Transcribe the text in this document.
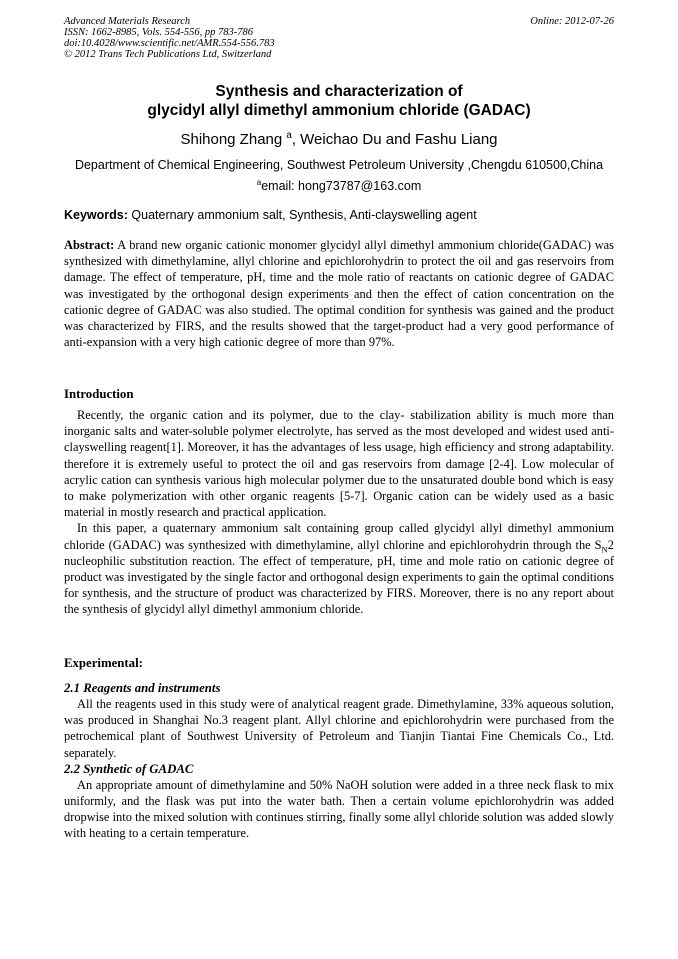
Advanced Materials Research
ISSN: 1662-8985, Vols. 554-556, pp 783-786
doi:10.4028/www.scientific.net/AMR.554-556.783
© 2012 Trans Tech Publications Ltd, Switzerland
Online: 2012-07-26
Synthesis and characterization of
glycidyl allyl dimethyl ammonium chloride (GADAC)
Shihong Zhang $^a$, Weichao Du and Fashu Liang
Department of Chemical Engineering, Southwest Petroleum University ,Chengdu 610500,China
$^a$email: hong73787@163.com
Keywords: Quaternary ammonium salt, Synthesis, Anti-clayswelling agent
Abstract: A brand new organic cationic monomer glycidyl allyl dimethyl ammonium chloride(GADAC) was synthesized with dimethylamine, allyl chlorine and epichlorohydrin to protect the oil and gas reservoirs from damage. The effect of temperature, pH, time and the mole ratio of reactants on cationic degree of GADAC was investigated by the orthogonal design experiments and then the effect of cation concentration on the cationic degree of GADAC was also studied. The optimal condition for synthesis was gained and the product was characterized by FIRS, and the results showed that the target-product had a very good performance of anti-expansion with a very high cationic degree of more than 97%.
Introduction

Recently, the organic cation and its polymer, due to the clay- stabilization ability is much more than inorganic salts and water-soluble polymer electrolyte, has served as the most developed and widest used anti-clayswelling reagent[1]. Moreover, it has the advantages of less usage, high efficiency and strong adaptability. therefore it is extremely useful to protect the oil and gas reservoirs from damage [2-4]. Low molecular of acrylic cation can synthesis various high molecular polymer due to the unsaturated double bond which is easy to make polymerization with other organic reagents [5-7]. Organic cation can be widely used as a basic material in mostly research and practical application.

In this paper, a quaternary ammonium salt containing group called glycidyl allyl dimethyl ammonium chloride (GADAC) was synthesized with dimethylamine, allyl chlorine and epichlorohydrin through the $S_N2$ nucleophilic substitution reaction. The effect of temperature, pH, time and mole ratio on cationic degree of product was investigated by the single factor and orthogonal design experiments to gain the optimal conditions for synthesis, and the structure of product was characterized by FIRS. Moreover, there is no any report about the synthesis of glycidyl allyl dimethyl ammonium chloride.

Experimental:
2.1 Reagents and instruments

All the reagents used in this study were of analytical reagent grade. Dimethylamine, 33% aqueous solution, was produced in Shanghai No.3 reagent plant. Allyl chlorine and epichlorohydrin were purchased from the petrochemical plant of Southwest University of Petroleum and Tianjin Tiantai Fine Chemicals Co., Ltd. separately.

2.2 Synthetic of GADAC

An appropriate amount of dimethylamine and 50% NaOH solution were added in a three neck flask to mix uniformly, and the flask was put into the water bath. Then a certain volume epichlorohydrin was added dropwise into the mixed solution with continues stirring, finally some allyl chloride solution was added slowly with heating to a certain temperature.
